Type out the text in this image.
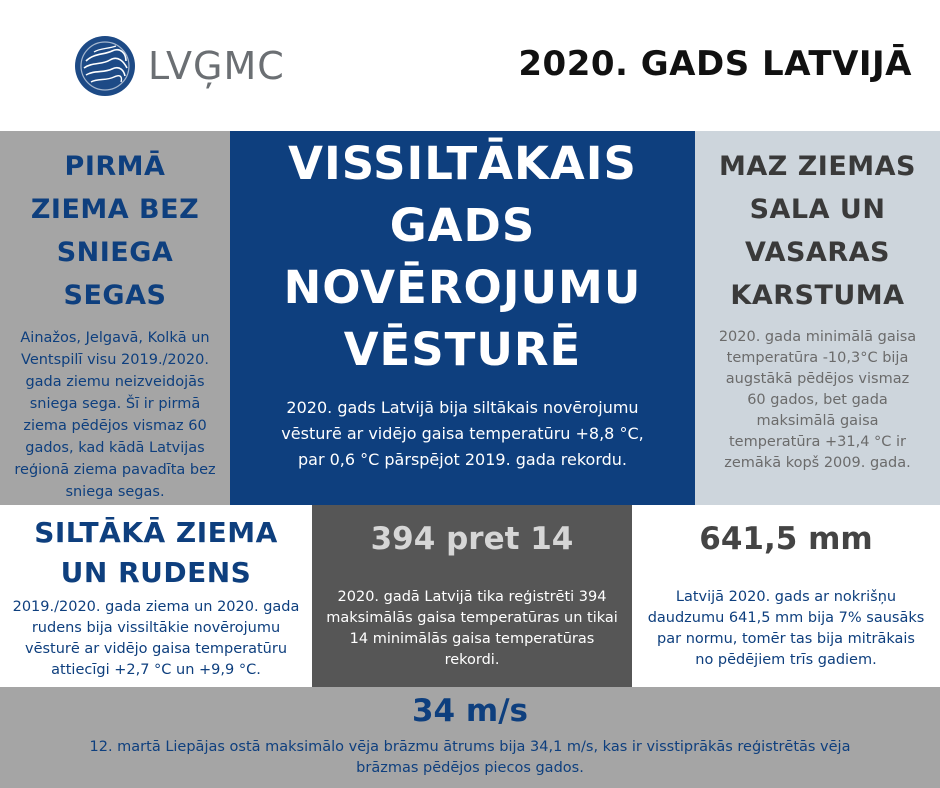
LVĢMC	2020. GADS LATVIJĀ
PIRMĀ ZIEMA BEZ SNIEGA SEGAS
Ainažos, Jelgavā, Kolkā un Ventspilī visu 2019./2020. gada ziemu neizveidojās sniega sega. Šī ir pirmā ziema pēdējos vismaz 60 gados, kad kādā Latvijas reģionā ziema pavadīta bez sniega segas.
VISSILTĀKAIS GADS NOVĒROJUMU VĒSTURĒ
2020. gads Latvijā bija siltākais novērojumu vēsturē ar vidējo gaisa temperatūru +8,8 °C, par 0,6 °C pārspējot 2019. gada rekordu.
MAZ ZIEMAS SALA UN VASARAS KARSTUMA
2020. gada minimālā gaisa temperatūra -10,3°C bija augstākā pēdējos vismaz 60 gados, bet gada maksimālā gaisa temperatūra +31,4 °C ir zemākā kopš 2009. gada.
SILTĀKĀ ZIEMA UN RUDENS
2019./2020. gada ziema un 2020. gada rudens bija vissiltākie novērojumu vēsturē ar vidējo gaisa temperatūru attiecīgi +2,7 °C un +9,9 °C.
394 pret 14
2020. gadā Latvijā tika reģistrēti 394 maksimālās gaisa temperatūras un tikai 14 minimālās gaisa temperatūras rekordi.
641,5 mm
Latvijā 2020. gads ar nokrišņu daudzumu 641,5 mm bija 7% sausāks par normu, tomēr tas bija mitrākais no pēdējiem trīs gadiem.
34 m/s
12. martā Liepājas ostā maksimālo vēja brāzmu ātrums bija 34,1 m/s, kas ir visstiprākās reģistrētās vēja brāzmas pēdējos piecos gados.
